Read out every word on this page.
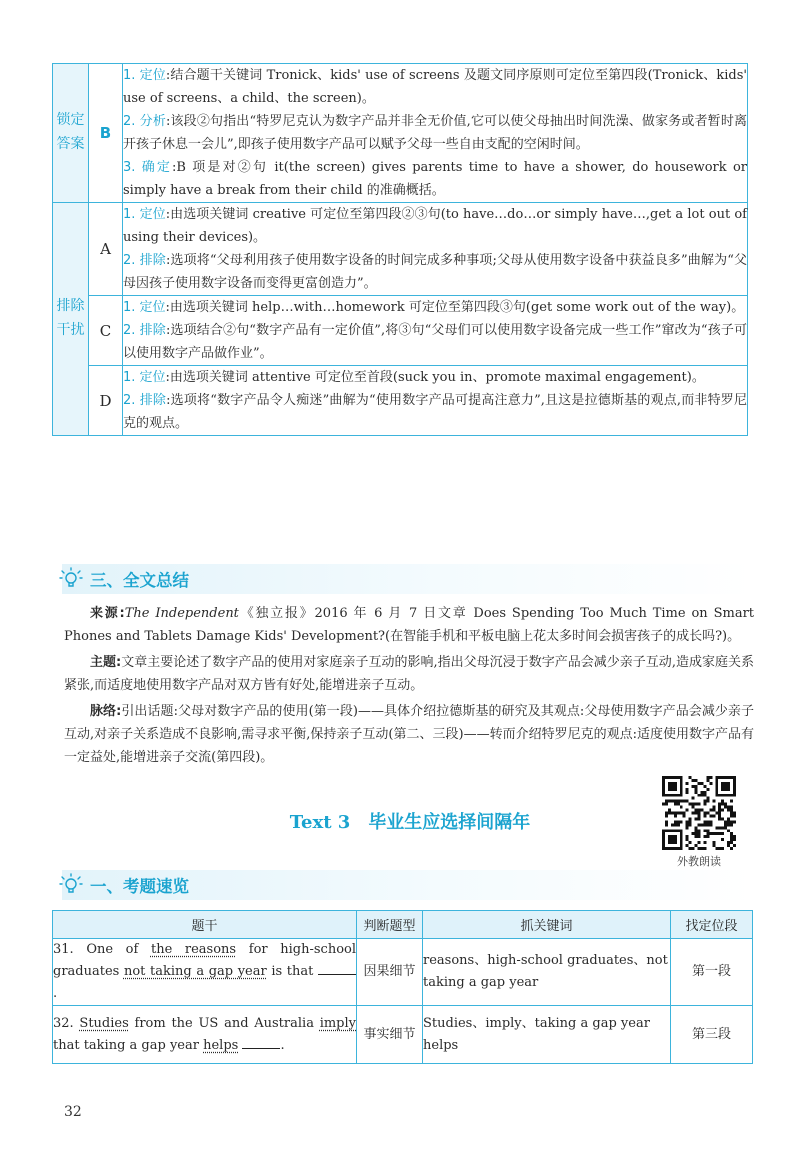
锁定
答案	B	1. 定位:结合题干关键词 Tronick、kids' use of screens 及题文同序原则可定位至第四段(Tronick、kids' use of screens、a child、the screen)。
2. 分析:该段②句指出“特罗尼克认为数字产品并非全无价值,它可以使父母抽出时间洗澡、做家务或者暂时离开孩子休息一会儿”,即孩子使用数字产品可以赋予父母一些自由支配的空闲时间。
3. 确定:B 项是对②句 it(the screen) gives parents time to have a shower, do housework or simply have a break from their child 的准确概括。

排除
干扰	A	1. 定位:由选项关键词 creative 可定位至第四段②③句(to have…do…or simply have…,get a lot out of using their devices)。
2. 排除:选项将“父母利用孩子使用数字设备的时间完成多种事项;父母从使用数字设备中获益良多”曲解为“父母因孩子使用数字设备而变得更富创造力”。

	C	1. 定位:由选项关键词 help…with…homework 可定位至第四段③句(get some work out of the way)。
2. 排除:选项结合②句“数字产品有一定价值”,将③句“父母们可以使用数字设备完成一些工作”窜改为“孩子可以使用数字产品做作业”。

	D	1. 定位:由选项关键词 attentive 可定位至首段(suck you in、promote maximal engagement)。
2. 排除:选项将“数字产品令人痴迷”曲解为“使用数字产品可提高注意力”,且这是拉德斯基的观点,而非特罗尼克的观点。
三、全文总结

来源:The Independent《独立报》2016 年 6 月 7 日文章 Does Spending Too Much Time on Smart Phones and Tablets Damage Kids' Development?(在智能手机和平板电脑上花太多时间会损害孩子的成长吗?)。

主题:文章主要论述了数字产品的使用对家庭亲子互动的影响,指出父母沉浸于数字产品会减少亲子互动,造成家庭关系紧张,而适度地使用数字产品对双方皆有好处,能增进亲子互动。

脉络:引出话题:父母对数字产品的使用(第一段)——具体介绍拉德斯基的研究及其观点:父母使用数字产品会减少亲子互动,对亲子关系造成不良影响,需寻求平衡,保持亲子互动(第二、三段)——转而介绍特罗尼克的观点:适度使用数字产品有一定益处,能增进亲子交流(第四段)。

Text 3 毕业生应选择间隔年
外教朗读
一、考题速览
题干	判断题型	抓关键词	找定位段
31. One of the reasons for high-school graduates not taking a gap year is that .	因果细节	reasons、high-school graduates、not taking a gap year	第一段
32. Studies from the US and Australia imply that taking a gap year helps .	事实细节	Studies、imply、taking a gap year helps	第三段
32
